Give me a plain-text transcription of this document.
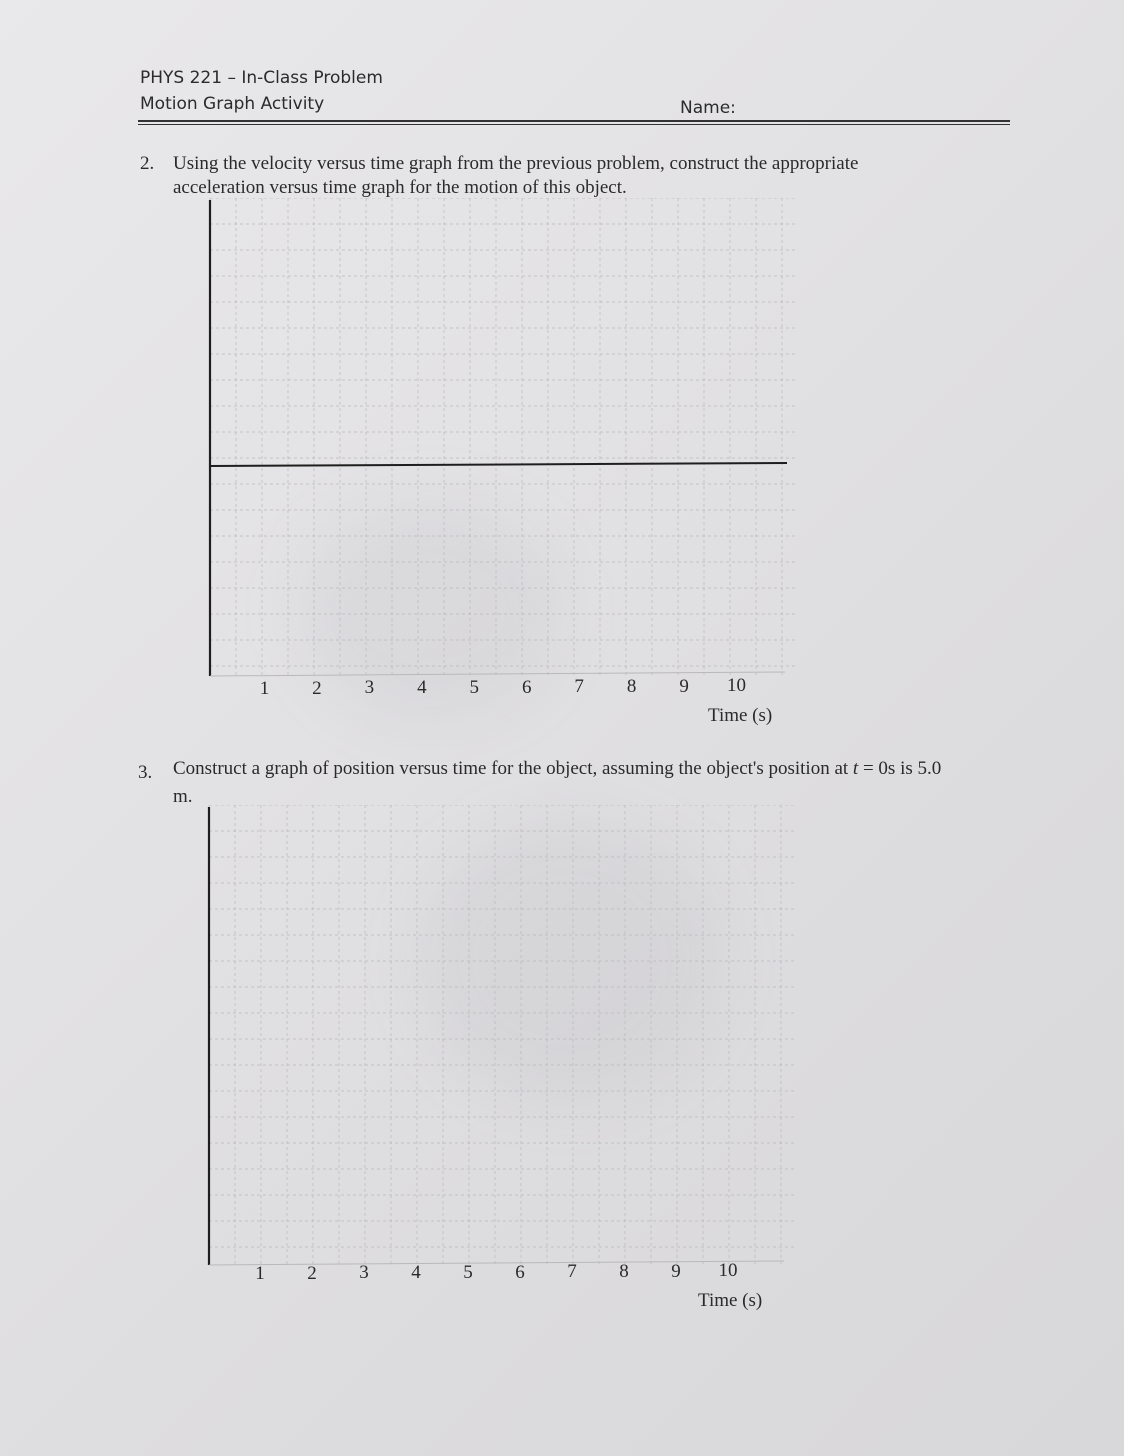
PHYS 221 – In-Class Problem
Motion Graph Activity	Name:
2. Using the velocity versus time graph from the previous problem, construct the appropriate
acceleration versus time graph for the motion of this object.
1 2 3 4 5 6 7 8 9 10
Time (s)
3. Construct a graph of position versus time for the object, assuming the object's position at t = 0s is 5.0
m.
1 2 3 4 5 6 7 8 9 10
Time (s)
